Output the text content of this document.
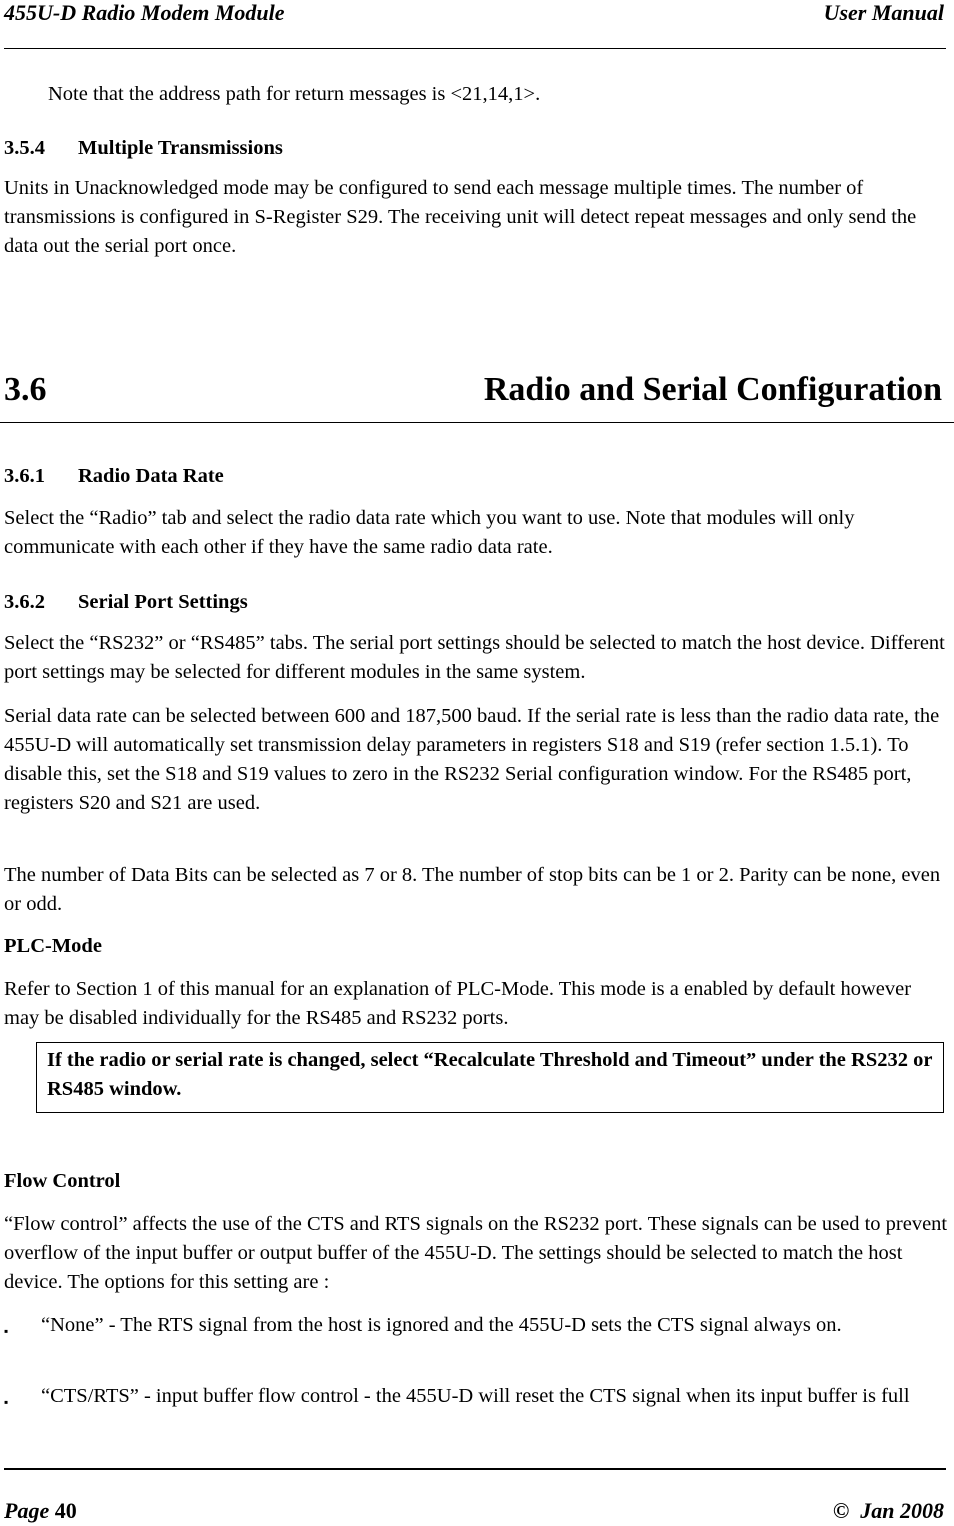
455U-D Radio Modem Module	User Manual

Note that the address path for return messages is <21,14,1>.

3.5.4 Multiple Transmissions

Units in Unacknowledged mode may be configured to send each message multiple times. The number of transmissions is configured in S-Register S29. The receiving unit will detect repeat messages and only send the data out the serial port once.

3.6	Radio and Serial Configuration
3.6.1 Radio Data Rate

Select the “Radio” tab and select the radio data rate which you want to use. Note that modules will only communicate with each other if they have the same radio data rate.

3.6.2 Serial Port Settings

Select the “RS232” or “RS485” tabs. The serial port settings should be selected to match the host device. Different port settings may be selected for different modules in the same system.

Serial data rate can be selected between 600 and 187,500 baud. If the serial rate is less than the radio data rate, the 455U-D will automatically set transmission delay parameters in registers S18 and S19 (refer section 1.5.1). To disable this, set the S18 and S19 values to zero in the RS232 Serial configuration window. For the RS485 port, registers S20 and S21 are used.

The number of Data Bits can be selected as 7 or 8. The number of stop bits can be 1 or 2. Parity can be none, even or odd.

PLC-Mode

Refer to Section 1 of this manual for an explanation of PLC-Mode. This mode is a enabled by default however may be disabled individually for the RS485 and RS232 ports.

If the radio or serial rate is changed, select “Recalculate Threshold and Timeout” under the RS232 or RS485 window.
Flow Control

“Flow control” affects the use of the CTS and RTS signals on the RS232 port. These signals can be used to prevent overflow of the input buffer or output buffer of the 455U-D. The settings should be selected to match the host device. The options for this setting are :

▪ “None” - The RTS signal from the host is ignored and the 455U-D sets the CTS signal always on.
▪ “CTS/RTS” - input buffer flow control - the 455U-D will reset the CTS signal when its input buffer is full
Page 40	© Jan 2008
